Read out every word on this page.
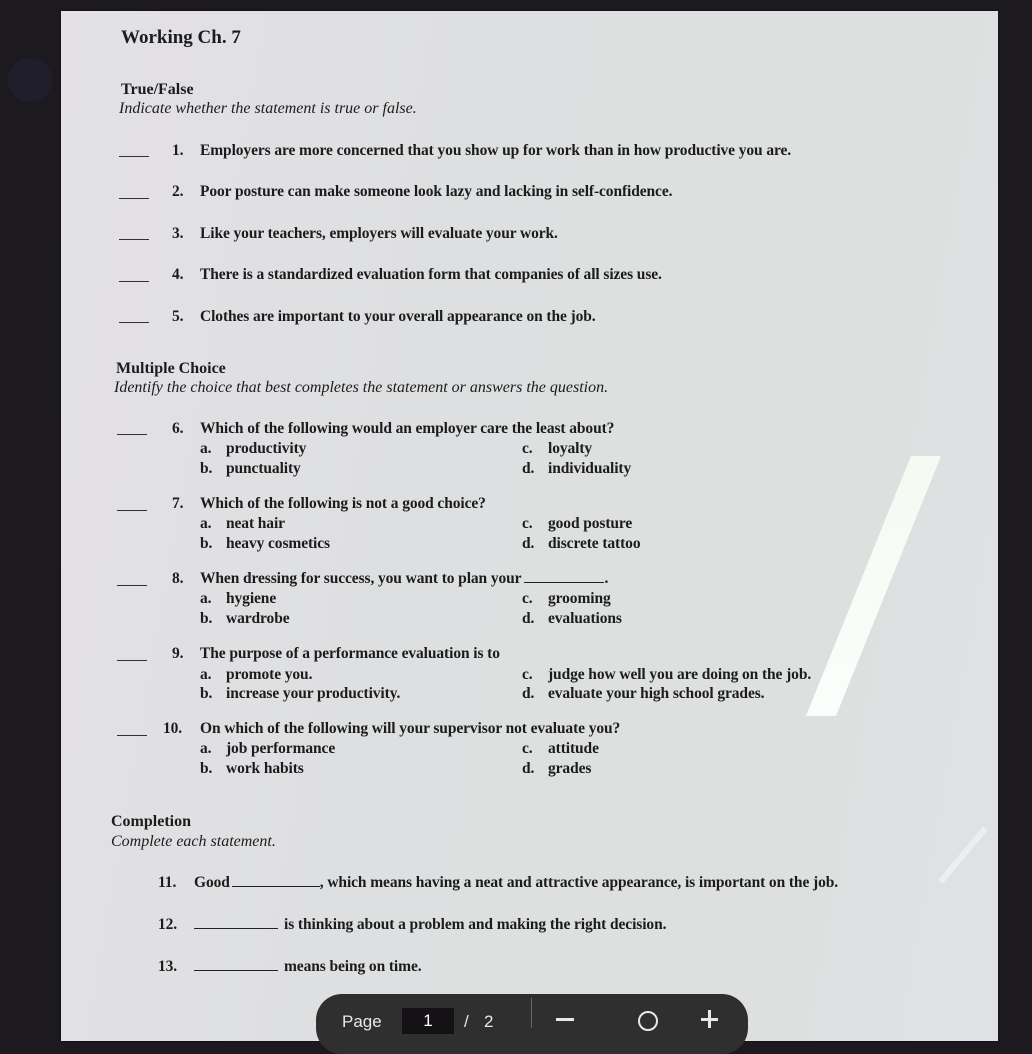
Working Ch. 7
True/False
Indicate whether the statement is true or false.
1. Employers are more concerned that you show up for work than in how productive you are.
2. Poor posture can make someone look lazy and lacking in self-confidence.
3. Like your teachers, employers will evaluate your work.
4. There is a standardized evaluation form that companies of all sizes use.
5. Clothes are important to your overall appearance on the job.
Multiple Choice
Identify the choice that best completes the statement or answers the question.
6. Which of the following would an employer care the least about?
a. productivity
b. punctuality
c. loyalty
d. individuality
7. Which of the following is not a good choice?
a. neat hair
b. heavy cosmetics
c. good posture
d. discrete tattoo
8. When dressing for success, you want to plan your	.
a. hygiene
b. wardrobe
c. grooming
d. evaluations
9. The purpose of a performance evaluation is to
a. promote you.
b. increase your productivity.
c. judge how well you are doing on the job.
d. evaluate your high school grades.
10. On which of the following will your supervisor not evaluate you?
a. job performance
b. work habits
c. attitude
d. grades
Completion
Complete each statement.
11. Good	, which means having a neat and attractive appearance, is important on the job.
12.	is thinking about a problem and making the right decision.
13.	means being on time.
Page	1	/ 2
